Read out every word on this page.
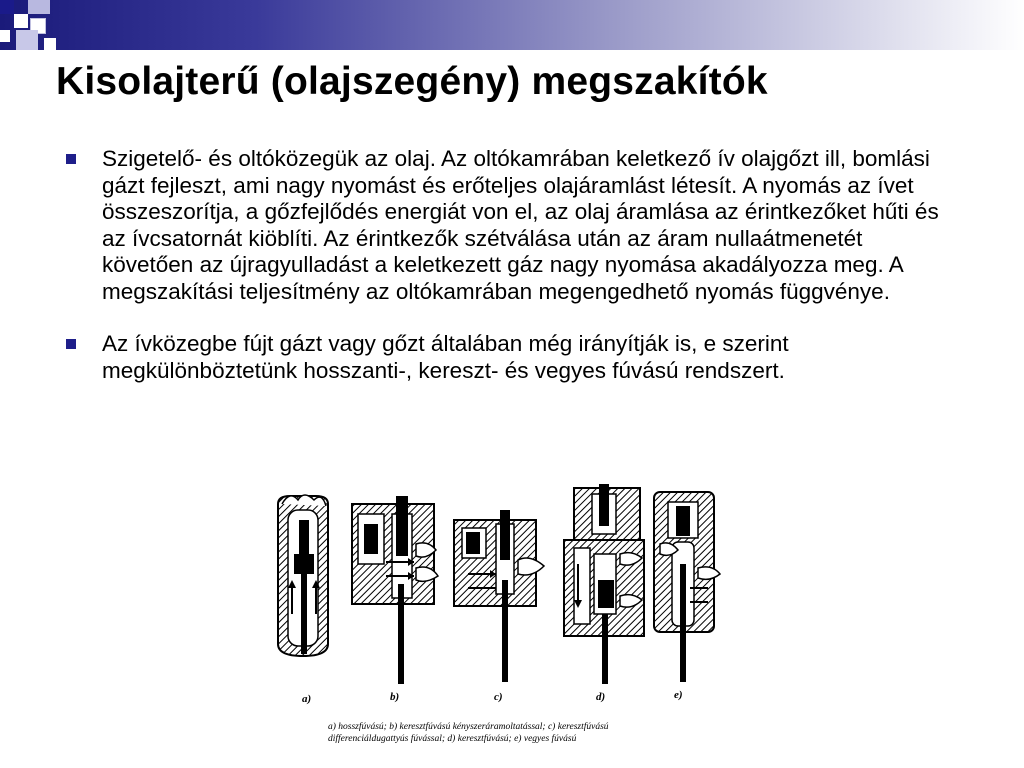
Kisolajterű (olajszegény) megszakítók
Szigetelő- és oltóközegük az olaj. Az oltókamrában keletkező ív olajgőzt ill, bomlási gázt fejleszt, ami nagy nyomást és erőteljes olajáramlást létesít. A nyomás az ívet összeszorítja, a gőzfejlődés energiát von el, az olaj áramlása az érintkezőket hűti és az ívcsatornát kiöblíti. Az érintkezők szétválása után az áram nullaátmenetét követően az újragyulladást a keletkezett gáz nagy nyomása akadályozza meg. A megszakítási teljesítmény az oltókamrában megengedhető nyomás függvénye.
Az ívközegbe fújt gázt vagy gőzt általában még irányítják is, e szerint megkülönböztetünk hosszanti-, kereszt- és vegyes fúvású rendszert.
a)	b)	c)	d)	e)
a) hosszfúvású; b) keresztfúvású kényszeráramoltatással; c) keresztfúvású
differenciáldugattyús fúvással; d) keresztfúvású; e) vegyes fúvású
